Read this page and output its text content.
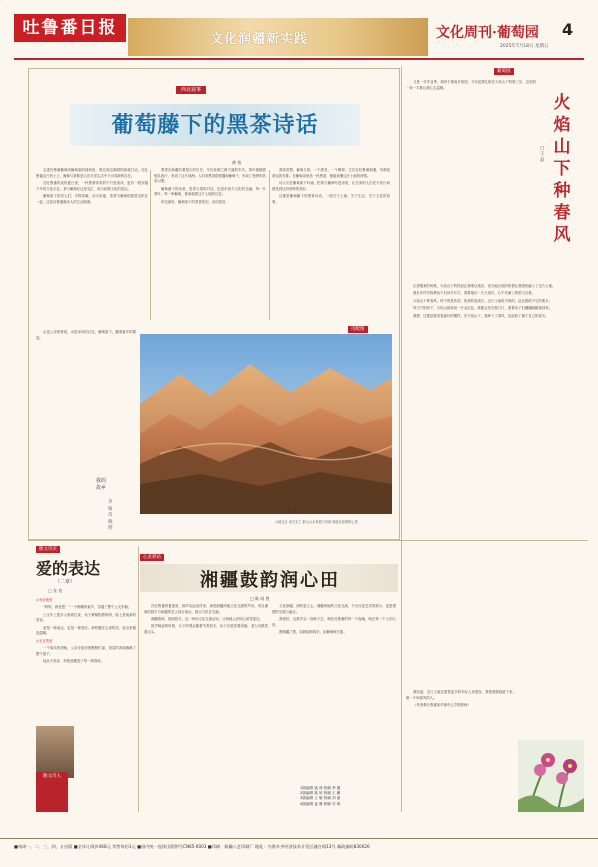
吐鲁番日报
文化润疆新实践	文化周刊·葡萄园 4
2025年7月18日 星期五
西北叙事
葡萄藤下的黑茶诗话
黄 拍

走进吐鲁番葡萄沟葡萄架的绿荫里，我总被这满园的绿意打动。在吐鲁番这片热土上，葡萄与茶都是人们日常生活中不可或缺的存在。

在吐鲁番的炎热夏日里，一杯黑茶带来的不只是清凉，更有一段穿越千年的文化记忆。茶与葡萄在这里交汇，成为丝路文化的见证。

葡萄架下的老人们，手捧茶碗，谈天说地，茶香与葡萄的甜香交织在一起，这是吐鲁番最动人的生活画面。

黑茶在新疆有着悠久的历史，早在丝绸之路兴盛的年代，茶叶便随着驼队西行，来到了这片绿洲。人们用黑茶搭配馕和葡萄干，形成了独特的饮食习惯。

葡萄藤下的诗意，是茶与果的对话，也是东西方文化的交融。每一片茶叶，每一串葡萄，都承载着这片土地的记忆。

时光流转，葡萄架下的茶香依旧，诗话依旧。

我常常想，葡萄与茶，一个甜美，一个醇厚，它们在吐鲁番相遇，仿佛是命运的安排。在葡萄沟里品一杯黑茶，便能读懂这片土地的深情。

诗人们在葡萄架下吟诵，把茶与葡萄写进诗里，让后来的人们在字里行间感受到这份独特的美好。

这便是葡萄藤下的黑茶诗话，一段关于土地、关于生活、关于文化的故事。

山是父亲的脊梁，水是母亲的目光，葡萄架下，藏着童年的歌谣。

我的故乡
李 梅 诗 晓 明
诗配图
河 山
大地无言 而空无了 群山山水青蓝与奔流 绵延在丝路的心里
散文诗页
爱的表达
（二章）
□ 张 旭

◎有爱就有

“妈妈，我爱您！”一个稚嫩的童声，穿越了整个公交车厢。

公交车上很多人都看过来，孩子紧紧抱着妈妈，脸上是纯真的笑容。

爱是一种表达，也是一种回应。那些藏在心里的话，说出来便是温暖。

◎无言的爱

一个周末的傍晚，父亲在厨房里默默忙碌，饭菜的香味飘满了整个屋子。

他从不说爱，却把爱藏进了每一顿饭里。

散文诗人
心灵驿站
湘疆鼓韵润心田
□ 陈 同 胜

在吐鲁番的夏夜里，鼓声从远处传来，那是湘疆两地文化交流的声音。来自湖南的鼓手与新疆的艺人同台演出，鼓点与弦音交融。

湘疆情深，鼓韵悠长。这一场场文化交流活动，让两地人民的心贴得更近。

鼓声响起的时候，台下的观众随着节奏拍手，孩子们欢笑着奔跑，老人们微笑着点头。

文化润疆，润的是人心。湘疆两地的文化交流，不仅仅是艺术的展示，更是情感的交流与融合。

我相信，这鼓声会一直响下去，响在吐鲁番的每一个夜晚，响在每一个人的心田。

愿湘疆之情，如鼓韵般绵长，如葡萄般甘甜。

1版编辑 盛 涛 校稿 李 鑫
2版编辑 姚 欣 校稿 王 鹏
3版编辑 王 敏 校稿 刘 丽
4版编辑 麦 琳 校稿 安 琪
葡萄园

又是一年毕业季，我终于要离开校园，今年是我扎根在火焰山下的第三年，这里的一草一木都让我心生温暖。

火焰山下种春风
□ 王 晶

记得刚来的时候，火焰山下的热浪让我难以适应，但当地百姓的热情让我很快融入了这片土地。

我在乡村学校教孩子们读书写字，看着他们一天天成长，心中充满了欣慰与自豪。

火焰山下种春风，种下的是希望，收获的是成长。这片土地给予我的，远比我给予它的要多。

每当夕阳西下，火焰山被染成一片金红色，我便会站在校门口，看着孩子们蹦蹦跳跳地回家。

我想，这便是我青春最好的模样。在火焰山下，我种下了春风，也收获了属于自己的春天。

我知道，这片土地还需要更多的年轻人来建设，我愿意继续留下来，做一个种春风的人。

（作者系吐鲁番某乡镇中心学校教师）

■每周一、二、三、四、五出版 ■全年订阅价468元 零售每份1元 ■国内统一连续出版物号CN65-0003 ■印刷：新疆八艺印刷厂 地址：乌鲁木齐经济技术开发区融合路13号 邮政编码830026
